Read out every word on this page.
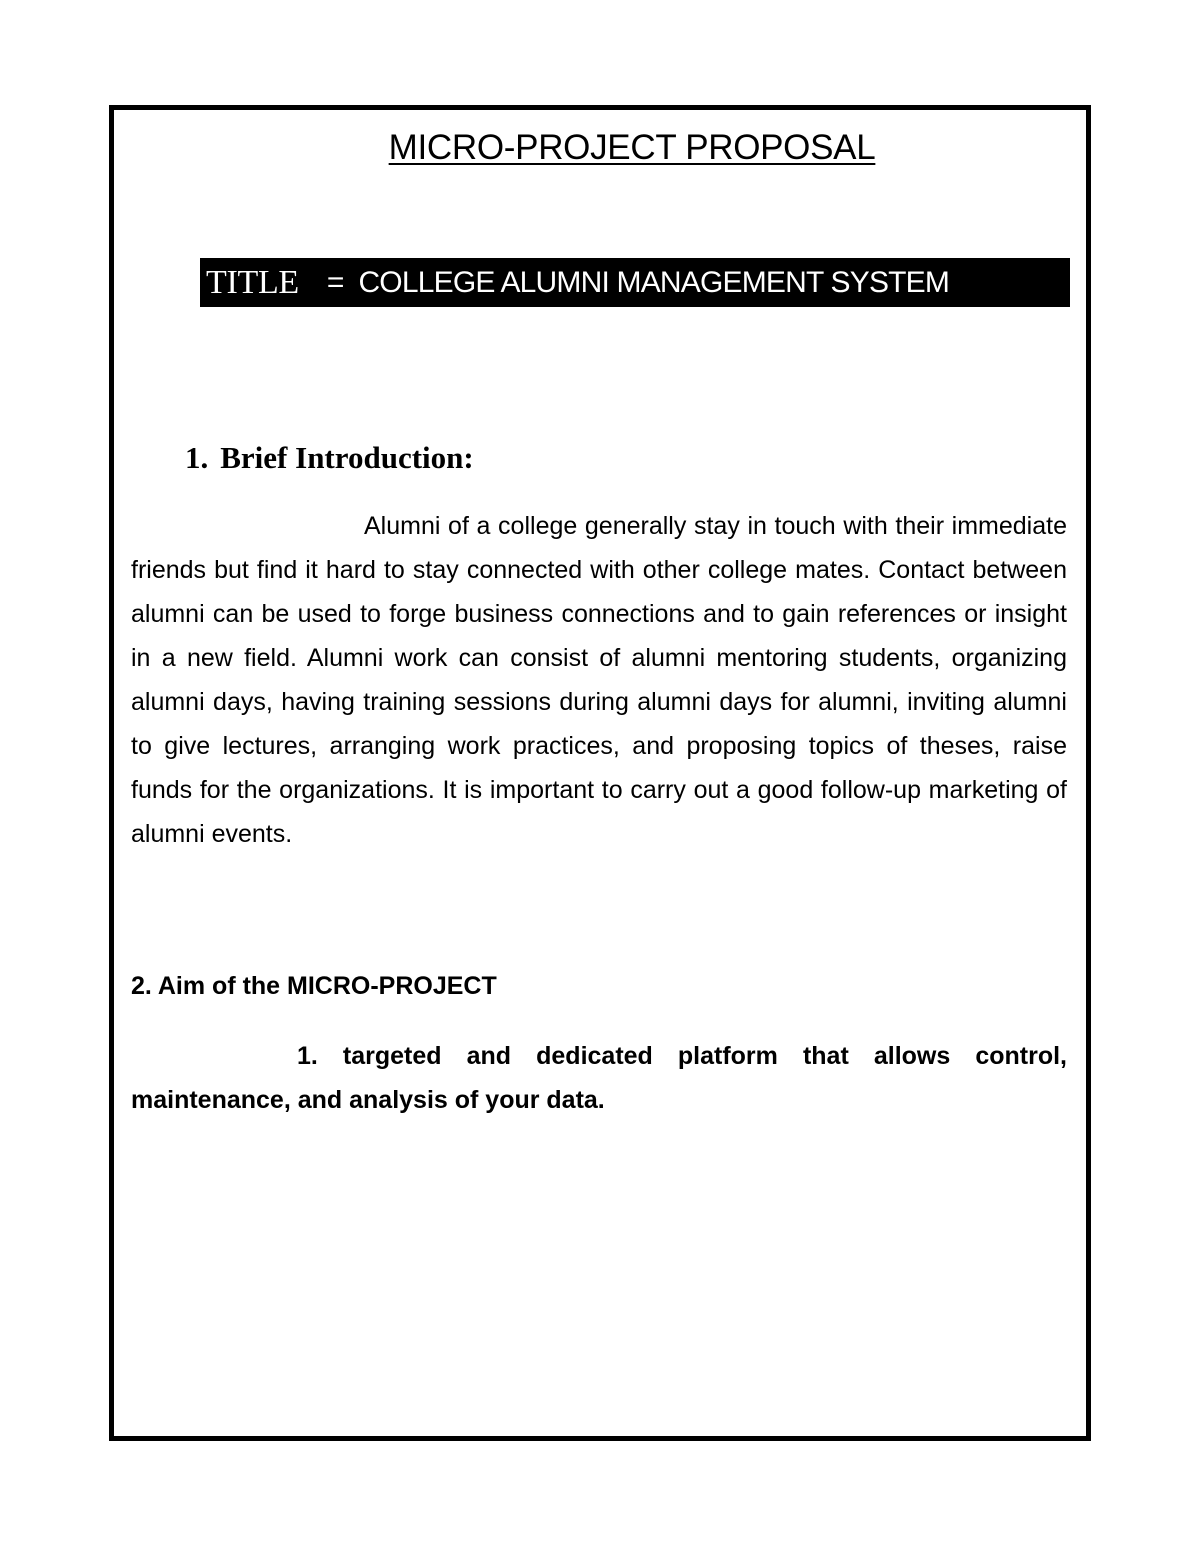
MICRO-PROJECT PROPOSAL
TITLE = COLLEGE ALUMNI MANAGEMENT SYSTEM
1. Brief Introduction:

Alumni of a college generally stay in touch with their immediate friends but find it hard to stay connected with other college mates. Contact between alumni can be used to forge business connections and to gain references or insight in a new field. Alumni work can consist of alumni mentoring students, organizing alumni days, having training sessions during alumni days for alumni, inviting alumni to give lectures, arranging work practices, and proposing topics of theses, raise funds for the organizations. It is important to carry out a good follow-up marketing of alumni events.

2. Aim of the MICRO-PROJECT

1. targeted and dedicated platform that allows control, maintenance, and analysis of your data.
